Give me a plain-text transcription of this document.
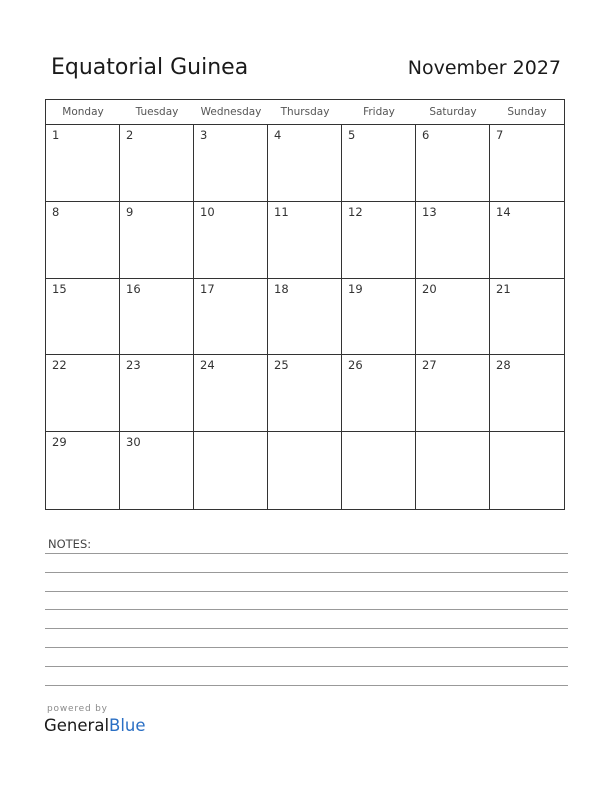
Equatorial Guinea	November 2027
Monday	Tuesday	Wednesday	Thursday	Friday	Saturday	Sunday
1	2	3	4	5	6	7
8	9	10	11	12	13	14
15	16	17	18	19	20	21
22	23	24	25	26	27	28
29	30
NOTES:
powered by
GeneralBlue
